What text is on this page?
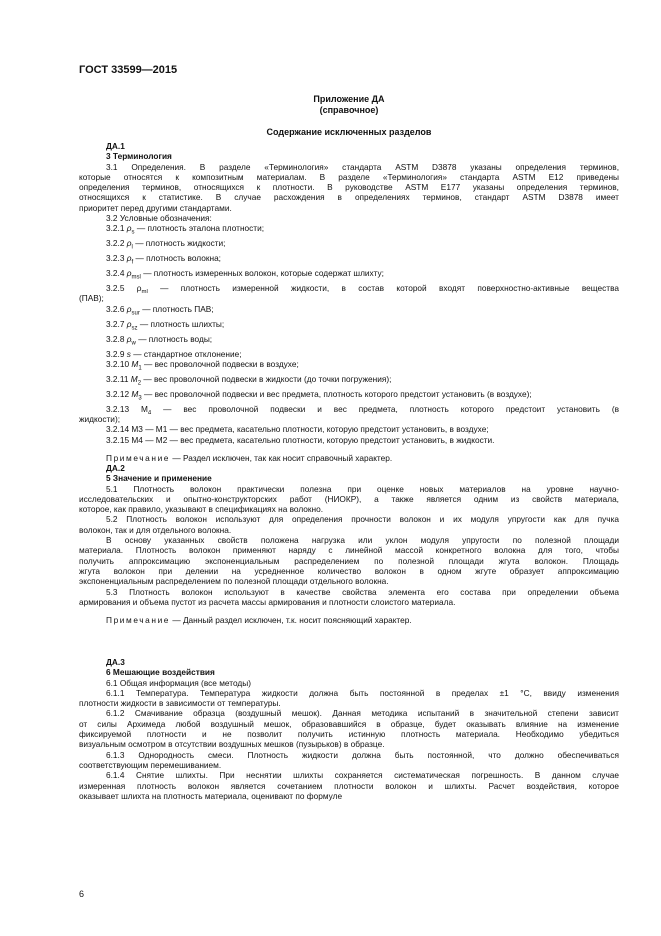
ГОСТ 33599—2015
Приложение ДА
(справочное)
Содержание исключенных разделов
ДА.1
3 Терминология
3.1 Определения. В разделе «Терминология» стандарта ASTM D3878 указаны определения терминов,
которые относятся к композитным материалам. В разделе «Терминология» стандарта ASTM E12 приведены
определения терминов, относящихся к плотности. В руководстве ASTM E177 указаны определения терминов,
относящихся к статистике. В случае расхождения в определениях терминов, стандарт ASTM D3878 имеет
приоритет перед другими стандартами.
3.2 Условные обозначения:
3.2.1 $\rho_s$ — плотность эталона плотности;
3.2.2 $\rho_l$ — плотность жидкости;
3.2.3 $\rho_f$ — плотность волокна;
3.2.4 $\rho_{msl}$ — плотность измеренных волокон, которые содержат шлихту;
3.2.5 $\rho_{ml}$ — плотность измеренной жидкости, в состав которой входят поверхностно-активные вещества
(ПАВ);
3.2.6 $\rho_{sur}$ — плотность ПАВ;
3.2.7 $\rho_{sz}$ — плотность шлихты;
3.2.8 $\rho_w$ — плотность воды;
3.2.9 s — стандартное отклонение;
3.2.10 $M_1$ — вес проволочной подвески в воздухе;
3.2.11 $M_2$ — вес проволочной подвески в жидкости (до точки погружения);
3.2.12 $M_3$ — вес проволочной подвески и вес предмета, плотность которого предстоит установить (в воздухе);
3.2.13 $M_4$ — вес проволочной подвески и вес предмета, плотность которого предстоит установить (в
жидкости);
3.2.14 M3 — M1 — вес предмета, касательно плотности, которую предстоит установить, в воздухе;
3.2.15 M4 — M2 — вес предмета, касательно плотности, которую предстоит установить, в жидкости.
Примечание — Раздел исключен, так как носит справочный характер.
ДА.2
5 Значение и применение
5.1 Плотность волокон практически полезна при оценке новых материалов на уровне научно-
исследовательских и опытно-конструкторских работ (НИОКР), а также является одним из свойств материала,
которое, как правило, указывают в спецификациях на волокно.
5.2 Плотность волокон используют для определения прочности волокон и их модуля упругости как для пучка
волокон, так и для отдельного волокна.
В основу указанных свойств положена нагрузка или уклон модуля упругости по полезной площади
материала. Плотность волокон применяют наряду с линейной массой конкретного волокна для того, чтобы
получить аппроксимацию экспоненциальным распределением по полезной площади жгута волокон. Площадь
жгута волокон при делении на усредненное количество волокон в одном жгуте образует аппроксимацию
экспоненциальным распределением по полезной площади отдельного волокна.
5.3 Плотность волокон используют в качестве свойства элемента его состава при определении объема
армирования и объема пустот из расчета массы армирования и плотности слоистого материала.
Примечание — Данный раздел исключен, т.к. носит поясняющий характер.
ДА.3
6 Мешающие воздействия
6.1 Общая информация (все методы)
6.1.1 Температура. Температура жидкости должна быть постоянной в пределах ±1 °С, ввиду изменения
плотности жидкости в зависимости от температуры.
6.1.2 Смачивание образца (воздушный мешок). Данная методика испытаний в значительной степени зависит
от силы Архимеда любой воздушный мешок, образовавшийся в образце, будет оказывать влияние на изменение
фиксируемой плотности и не позволит получить истинную плотность материала. Необходимо убедиться
визуальным осмотром в отсутствии воздушных мешков (пузырьков) в образце.
6.1.3 Однородность смеси. Плотность жидкости должна быть постоянной, что должно обеспечиваться
соответствующим перемешиванием.
6.1.4 Снятие шлихты. При неснятии шлихты сохраняется систематическая погрешность. В данном случае
измеренная плотность волокон является сочетанием плотности волокон и шлихты. Расчет воздействия, которое
оказывает шлихта на плотность материала, оценивают по формуле
6
